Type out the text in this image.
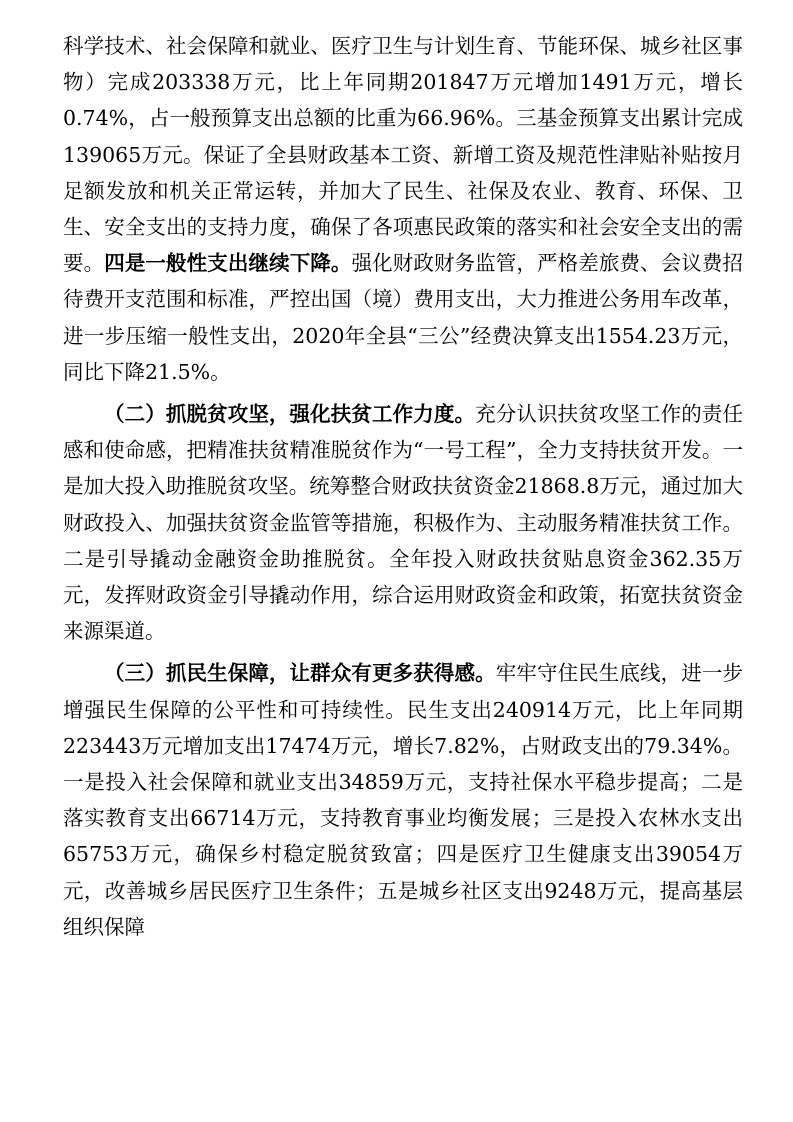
科学技术、社会保障和就业、医疗卫生与计划生育、节能环保、城乡社区事物）完成203338万元，比上年同期201847万元增加1491万元，增长0.74%，占一般预算支出总额的比重为66.96%。三基金预算支出累计完成139065万元。保证了全县财政基本工资、新增工资及规范性津贴补贴按月足额发放和机关正常运转，并加大了民生、社保及农业、教育、环保、卫生、安全支出的支持力度，确保了各项惠民政策的落实和社会安全支出的需要。四是一般性支出继续下降。强化财政财务监管，严格差旅费、会议费招待费开支范围和标准，严控出国（境）费用支出，大力推进公务用车改革，进一步压缩一般性支出，2020年全县“三公”经费决算支出1554.23万元，同比下降21.5%。

（二）抓脱贫攻坚，强化扶贫工作力度。充分认识扶贫攻坚工作的责任感和使命感，把精准扶贫精准脱贫作为“一号工程”，全力支持扶贫开发。一是加大投入助推脱贫攻坚。统筹整合财政扶贫资金21868.8万元，通过加大财政投入、加强扶贫资金监管等措施，积极作为、主动服务精准扶贫工作。二是引导撬动金融资金助推脱贫。全年投入财政扶贫贴息资金362.35万元，发挥财政资金引导撬动作用，综合运用财政资金和政策，拓宽扶贫资金来源渠道。

（三）抓民生保障，让群众有更多获得感。牢牢守住民生底线，进一步增强民生保障的公平性和可持续性。民生支出240914万元，比上年同期223443万元增加支出17474万元，增长7.82%，占财政支出的79.34%。一是投入社会保障和就业支出34859万元，支持社保水平稳步提高；二是落实教育支出66714万元，支持教育事业均衡发展；三是投入农林水支出65753万元，确保乡村稳定脱贫致富；四是医疗卫生健康支出39054万元，改善城乡居民医疗卫生条件；五是城乡社区支出9248万元，提高基层组织保障
